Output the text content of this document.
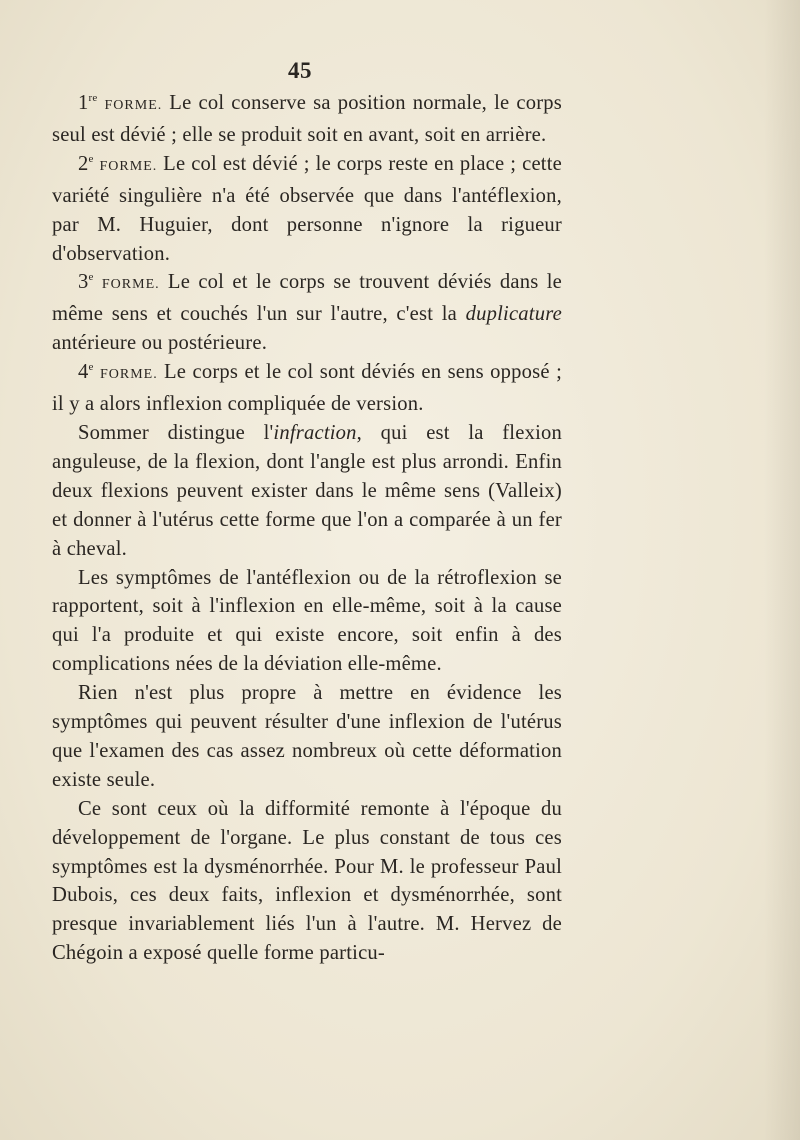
45

1re FORME. Le col conserve sa position normale, le corps seul est dévié ; elle se produit soit en avant, soit en arrière.

2e FORME. Le col est dévié ; le corps reste en place ; cette variété singulière n'a été observée que dans l'antéflexion, par M. Huguier, dont personne n'ignore la rigueur d'observation.

3e FORME. Le col et le corps se trouvent déviés dans le même sens et couchés l'un sur l'autre, c'est la duplicature antérieure ou postérieure.

4e FORME. Le corps et le col sont déviés en sens opposé ; il y a alors inflexion compliquée de version.

Sommer distingue l'infraction, qui est la flexion anguleuse, de la flexion, dont l'angle est plus arrondi. Enfin deux flexions peuvent exister dans le même sens (Valleix) et donner à l'utérus cette forme que l'on a comparée à un fer à cheval.

Les symptômes de l'antéflexion ou de la rétroflexion se rapportent, soit à l'inflexion en elle-même, soit à la cause qui l'a produite et qui existe encore, soit enfin à des complications nées de la déviation elle-même.

Rien n'est plus propre à mettre en évidence les symptômes qui peuvent résulter d'une inflexion de l'utérus que l'examen des cas assez nombreux où cette déformation existe seule.

Ce sont ceux où la difformité remonte à l'époque du développement de l'organe. Le plus constant de tous ces symptômes est la dysménorrhée. Pour M. le professeur Paul Dubois, ces deux faits, inflexion et dysménorrhée, sont presque invariablement liés l'un à l'autre. M. Hervez de Chégoin a exposé quelle forme particu-
